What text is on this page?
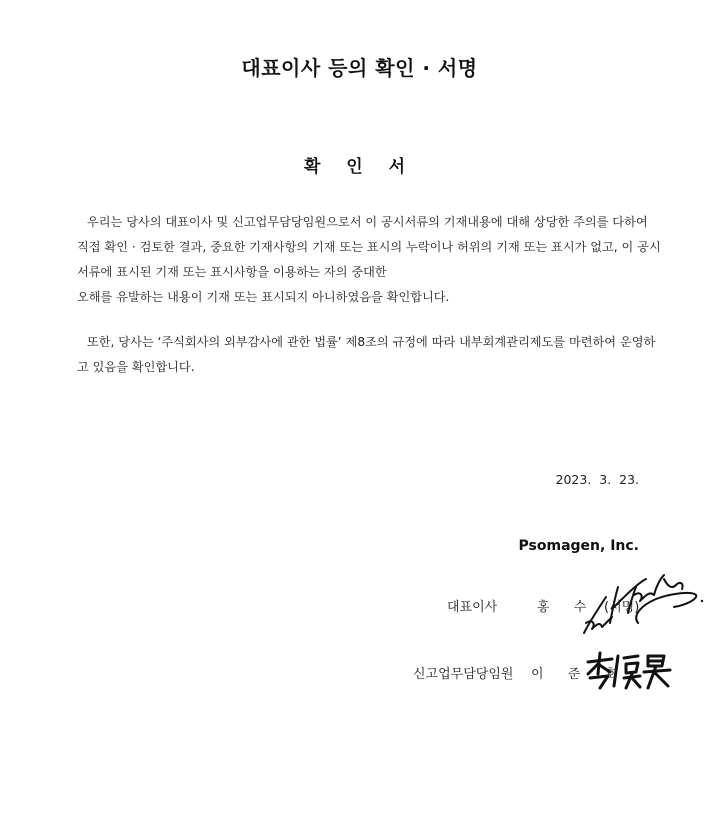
대표이사 등의 확인 · 서명
확 인 서
우리는 당사의 대표이사 및 신고업무담당임원으로서 이 공시서류의 기재내용에 대해 상당한 주의를 다하여
직접 확인 · 검토한 결과, 중요한 기재사항의 기재 또는 표시의 누락이나 허위의 기재 또는 표시가 없고, 이 공시
서류에 표시된 기재 또는 표시사항을 이용하는 자의 중대한
오해를 유발하는 내용이 기재 또는 표시되지 아니하였음을 확인합니다.
또한, 당사는 ‘주식회사의 외부감사에 관한 법률’ 제8조의 규정에 따라 내부회계관리제도를 마련하여 운영하
고 있음을 확인합니다.
2023.  3.  23.
Psomagen, Inc.
대표이사	홍 수 (서명)
신고업무담당임원 이 준 호
